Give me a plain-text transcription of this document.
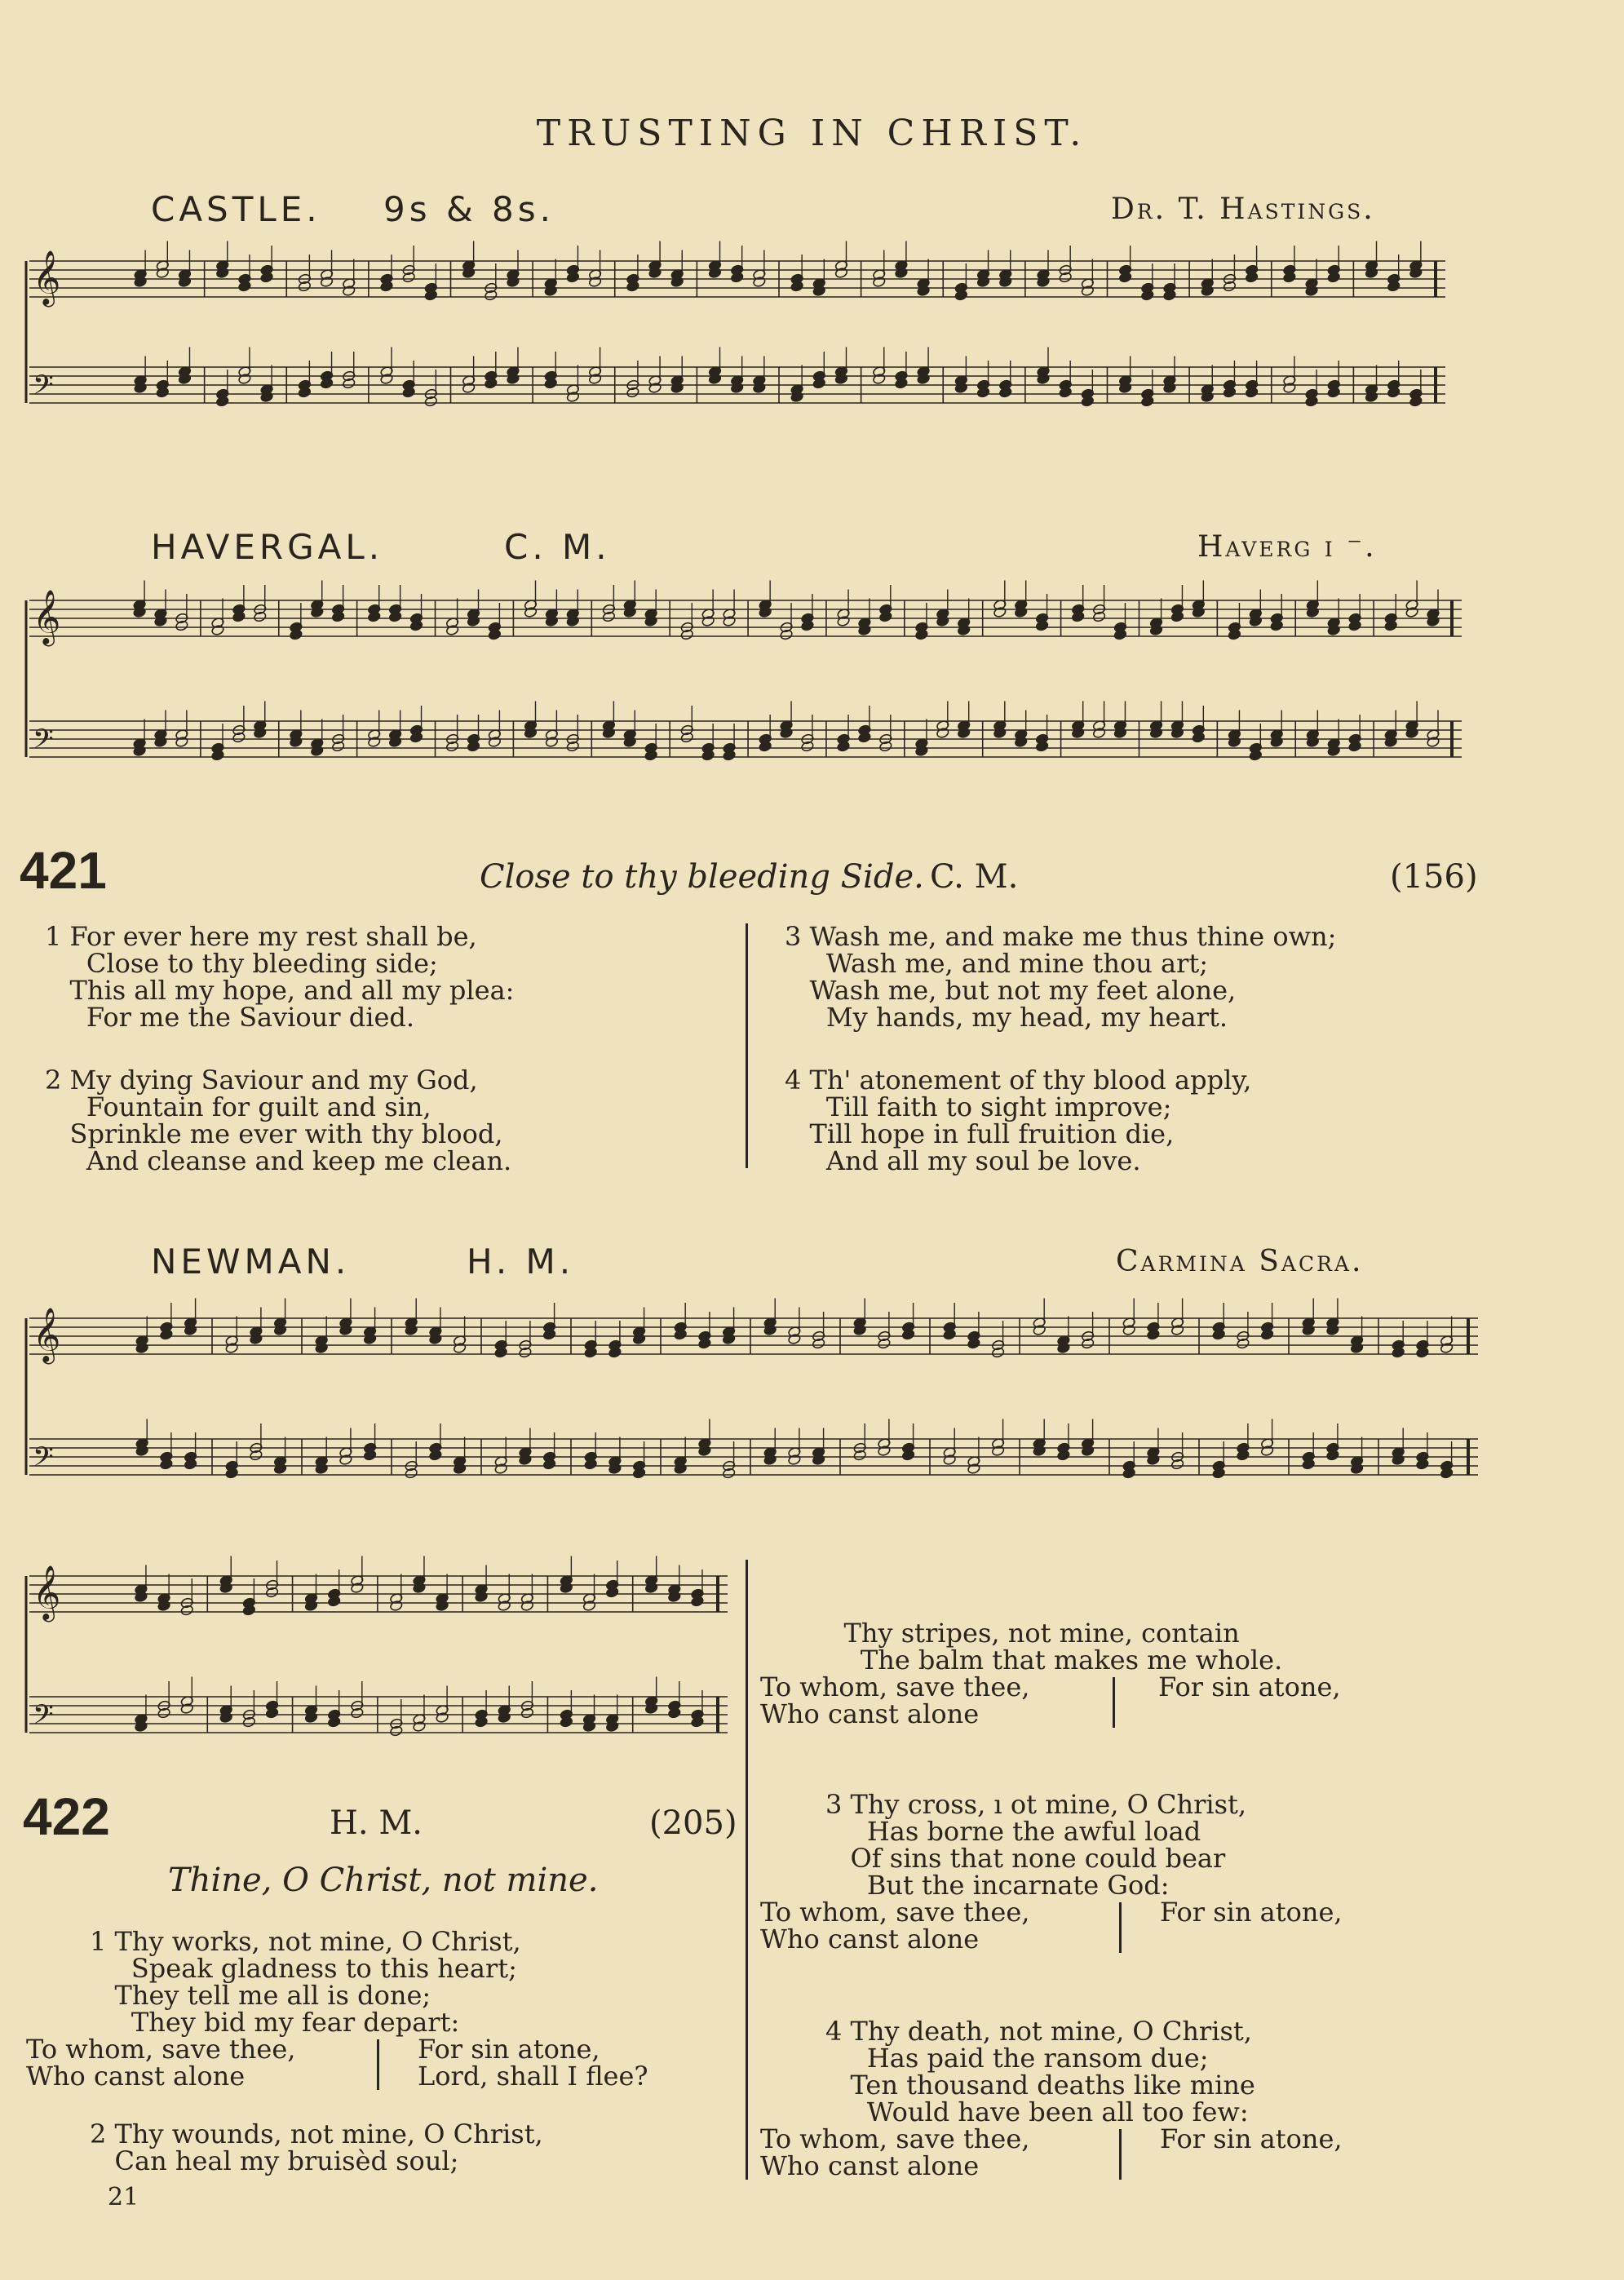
TRUSTING IN CHRIST.
CASTLE. 9s & 8s.	Dr. T. Hastings.
𝄞
𝄢
HAVERGAL.	C. M.	Haverg ı ⁻.
𝄞
𝄢
421	Close to thy bleeding Side. C. M.	(156)
1 For ever here my rest shall be,
Close to thy bleeding side;
This all my hope, and all my plea:
For me the Saviour died.
2 My dying Saviour and my God,
Fountain for guilt and sin,
Sprinkle me ever with thy blood,
And cleanse and keep me clean.
3 Wash me, and make me thus thine own;
Wash me, and mine thou art;
Wash me, but not my feet alone,
My hands, my head, my heart.
4 Th' atonement of thy blood apply,
Till faith to sight improve;
Till hope in full fruition die,
And all my soul be love.
NEWMAN.	H. M.	Carmina Sacra.
𝄞
𝄢
𝄞
𝄢
422	H. M.	(205)
Thine, O Christ, not mine.
1 Thy works, not mine, O Christ,
Speak gladness to this heart;
They tell me all is done;
They bid my fear depart:
To whom, save thee,
Who canst alone
For sin atone,
Lord, shall I flee?
2 Thy wounds, not mine, O Christ,
Can heal my bruisèd soul;
21
Thy stripes, not mine, contain
The balm that makes me whole.
To whom, save thee,
Who canst alone
For sin atone,
3 Thy cross, ı ot mine, O Christ,
Has borne the awful load
Of sins that none could bear
But the incarnate God:
To whom, save thee,
Who canst alone
For sin atone,
4 Thy death, not mine, O Christ,
Has paid the ransom due;
Ten thousand deaths like mine
Would have been all too few:
To whom, save thee,
Who canst alone
For sin atone,
